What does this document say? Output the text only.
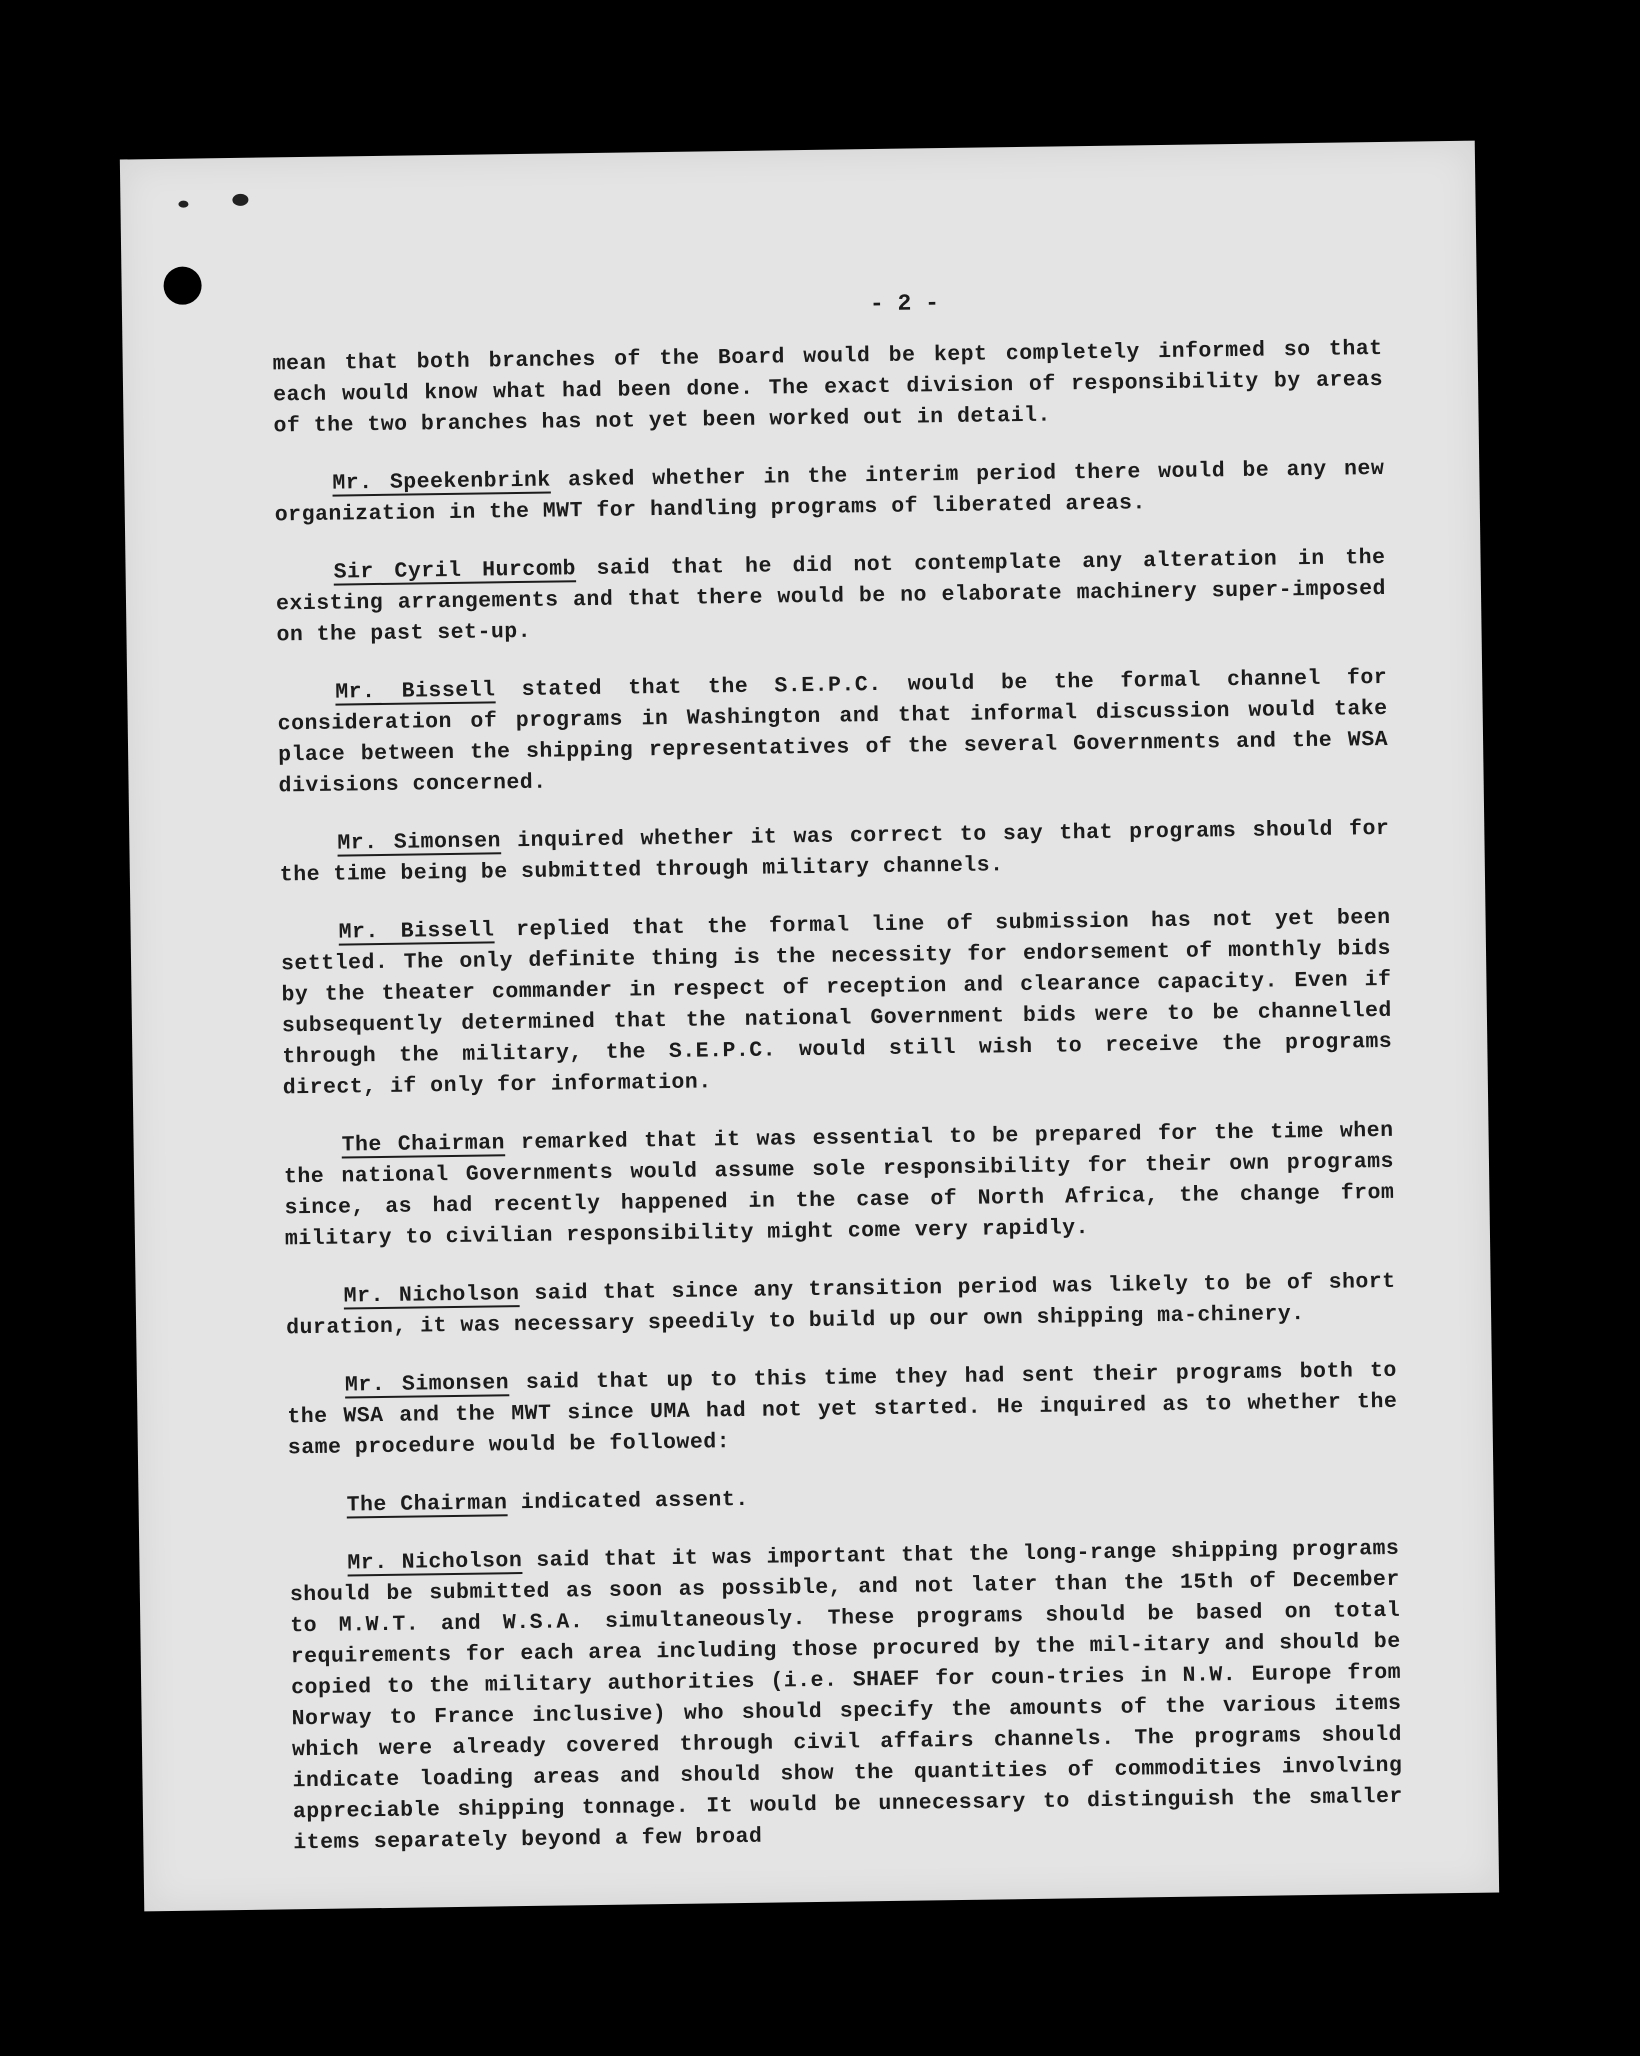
- 2 -

mean that both branches of the Board would be kept completely informed so that each would know what had been done. The exact division of responsibility by areas of the two branches has not yet been worked out in detail.

Mr. Speekenbrink asked whether in the interim period there would be any new organization in the MWT for handling programs of liberated areas.

Sir Cyril Hurcomb said that he did not contemplate any alteration in the existing arrangements and that there would be no elaborate machinery super-imposed on the past set-up.

Mr. Bissell stated that the S.E.P.C. would be the formal channel for consideration of programs in Washington and that informal discussion would take place between the shipping representatives of the several Governments and the WSA divisions concerned.

Mr. Simonsen inquired whether it was correct to say that programs should for the time being be submitted through military channels.

Mr. Bissell replied that the formal line of submission has not yet been settled. The only definite thing is the necessity for endorsement of monthly bids by the theater commander in respect of reception and clearance capacity. Even if subsequently determined that the national Government bids were to be channelled through the military, the S.E.P.C. would still wish to receive the programs direct, if only for information.

The Chairman remarked that it was essential to be prepared for the time when the national Governments would assume sole responsibility for their own programs since, as had recently happened in the case of North Africa, the change from military to civilian responsibility might come very rapidly.

Mr. Nicholson said that since any transition period was likely to be of short duration, it was necessary speedily to build up our own shipping ma-chinery.

Mr. Simonsen said that up to this time they had sent their programs both to the WSA and the MWT since UMA had not yet started. He inquired as to whether the same procedure would be followed:

The Chairman indicated assent.

Mr. Nicholson said that it was important that the long-range shipping programs should be submitted as soon as possible, and not later than the 15th of December to M.W.T. and W.S.A. simultaneously. These programs should be based on total requirements for each area including those procured by the mil-itary and should be copied to the military authorities (i.e. SHAEF for coun-tries in N.W. Europe from Norway to France inclusive) who should specify the amounts of the various items which were already covered through civil affairs channels. The programs should indicate loading areas and should show the quantities of commodities involving appreciable shipping tonnage. It would be unnecessary to distinguish the smaller items separately beyond a few broad
